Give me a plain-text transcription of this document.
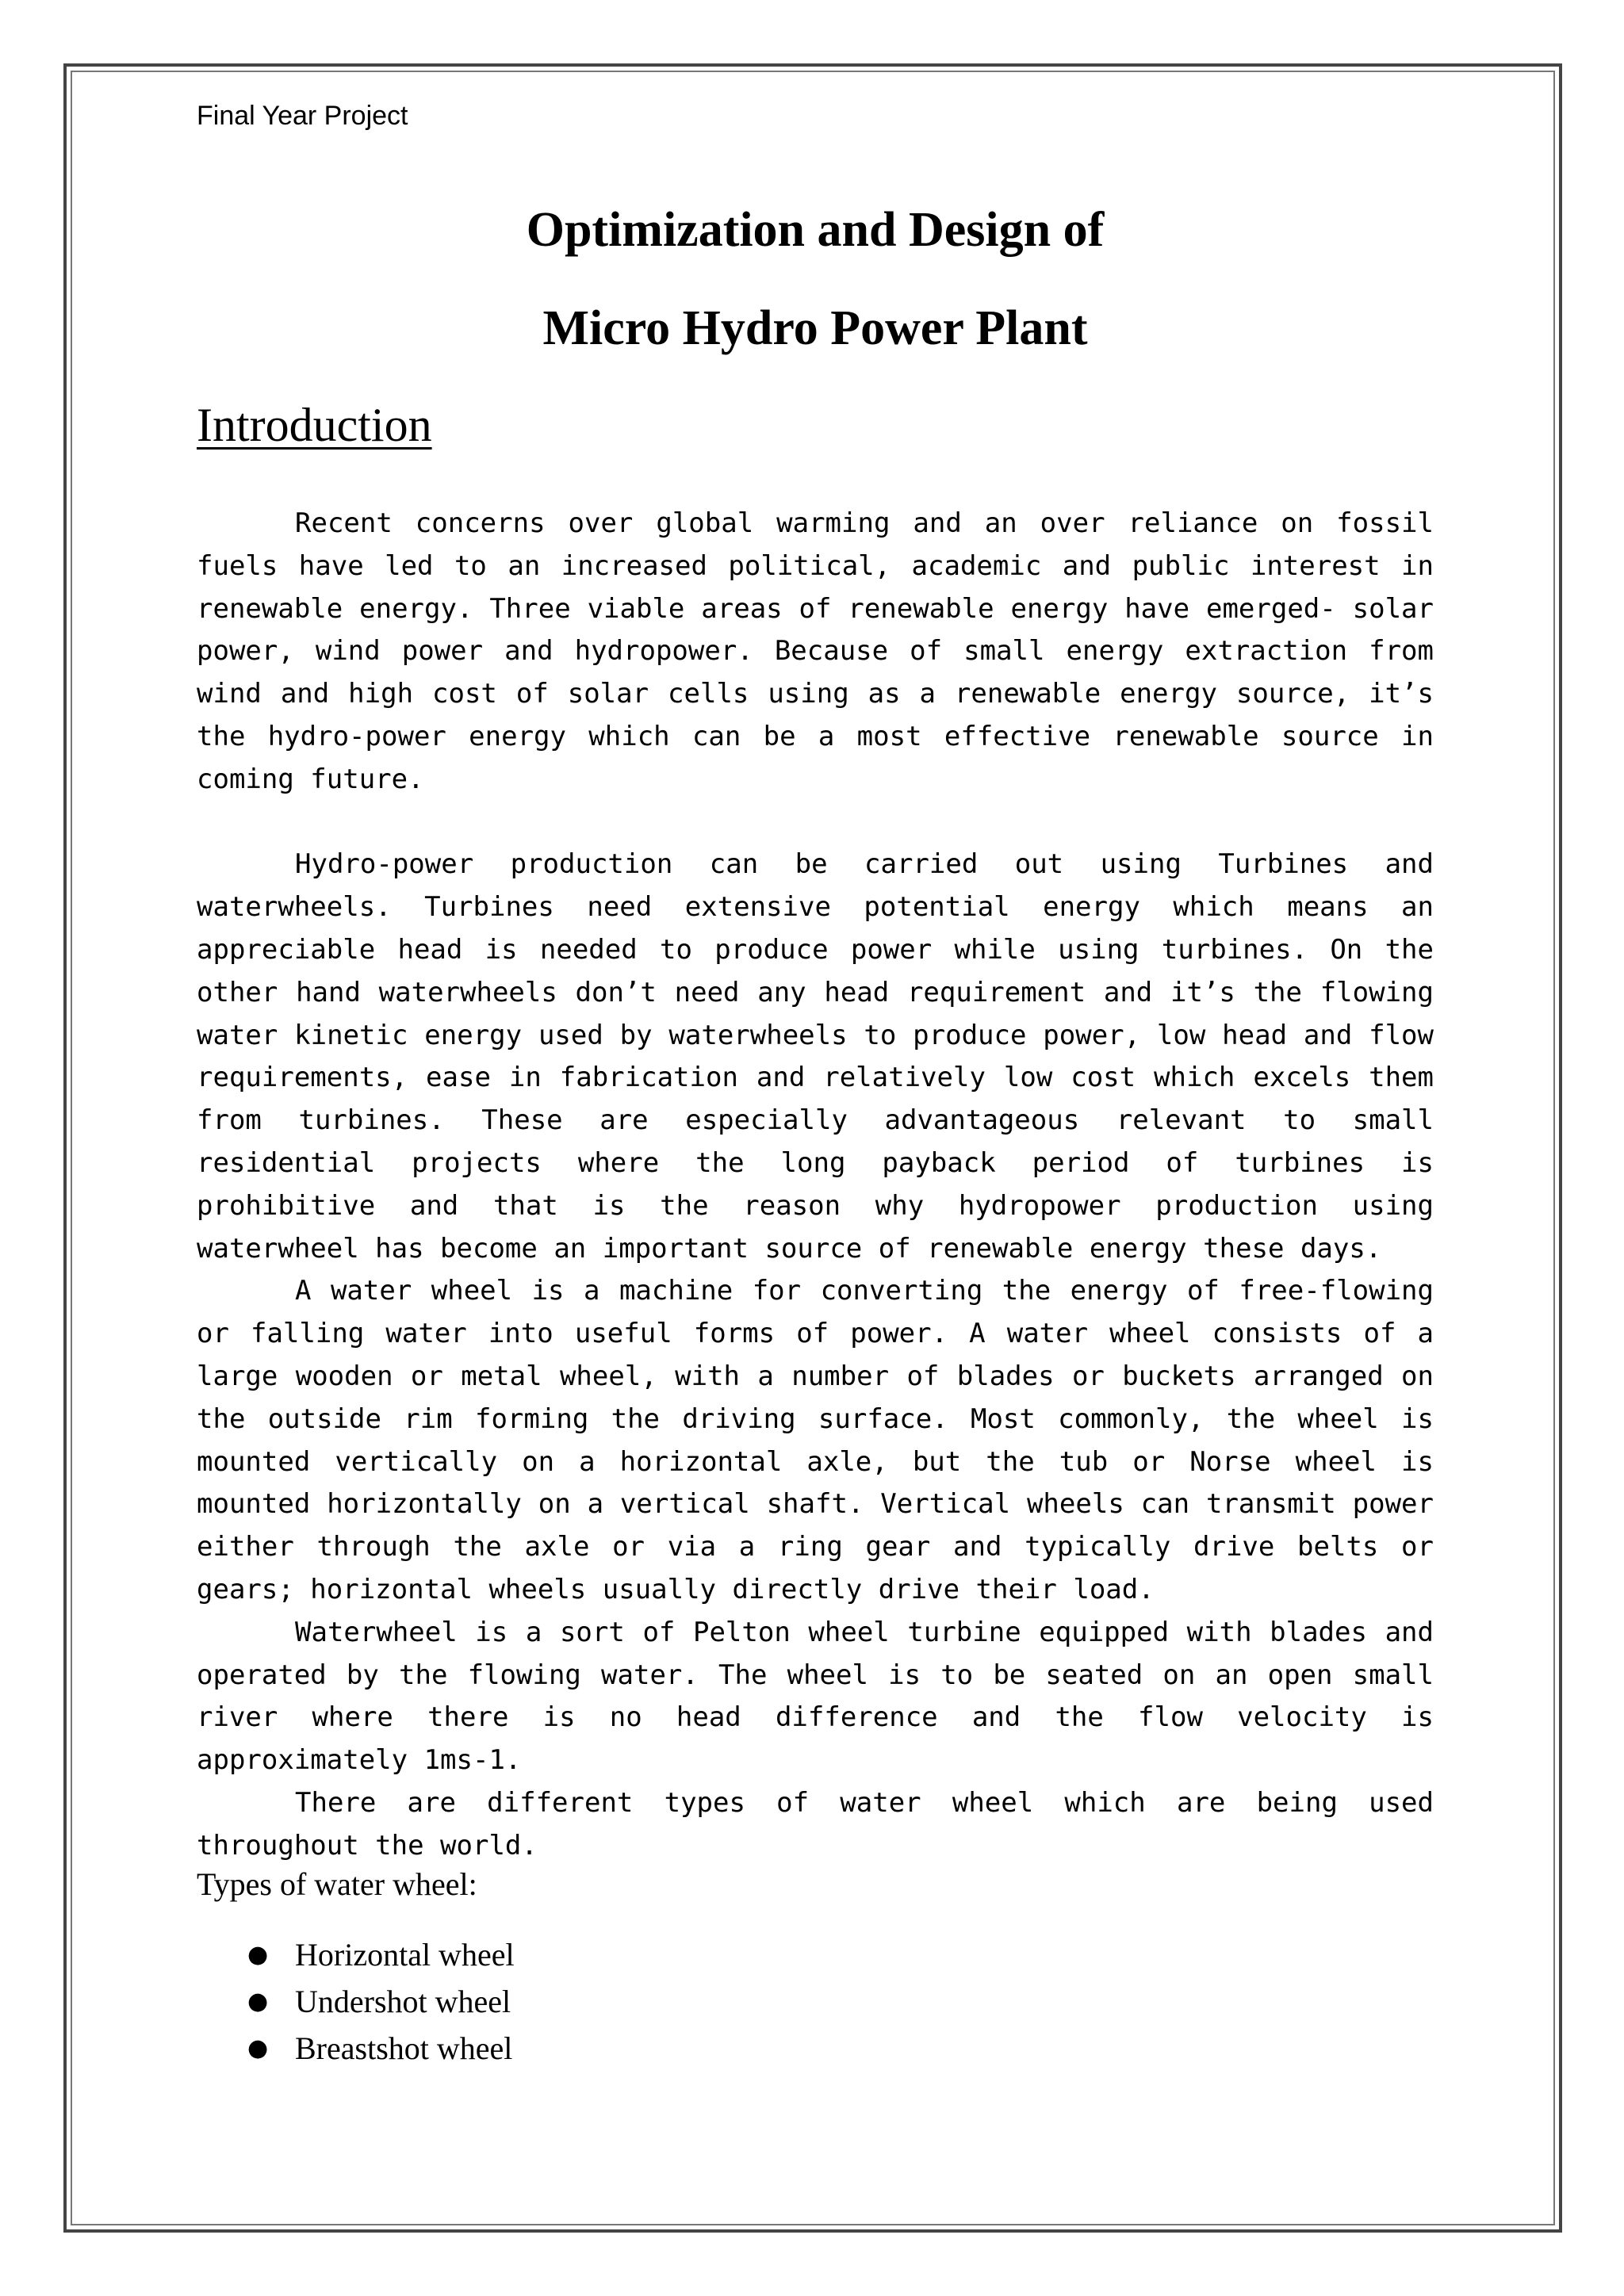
Final Year Project
Optimization and Design of
Micro Hydro Power Plant
Introduction

Recent concerns over global warming and an over reliance on fossil fuels have led to an increased political, academic and public interest in renewable energy. Three viable areas of renewable energy have emerged- solar power, wind power and hydropower. Because of small energy extraction from wind and high cost of solar cells using as a renewable energy source, it’s the hydro-power energy which can be a most effective renewable source in coming future.

Hydro-power production can be carried out using Turbines and waterwheels. Turbines need extensive potential energy which means an appreciable head is needed to produce power while using turbines. On the other hand waterwheels don’t need any head requirement and it’s the flowing water kinetic energy used by waterwheels to produce power, low head and flow requirements, ease in fabrication and relatively low cost which excels them from turbines. These are especially advantageous relevant to small residential projects where the long payback period of turbines is prohibitive and that is the reason why hydropower production using waterwheel has become an important source of renewable energy these days.

A water wheel is a machine for converting the energy of free-flowing or falling water into useful forms of power. A water wheel consists of a large wooden or metal wheel, with a number of blades or buckets arranged on the outside rim forming the driving surface. Most commonly, the wheel is mounted vertically on a horizontal axle, but the tub or Norse wheel is mounted horizontally on a vertical shaft. Vertical wheels can transmit power either through the axle or via a ring gear and typically drive belts or gears; horizontal wheels usually directly drive their load.

Waterwheel is a sort of Pelton wheel turbine equipped with blades and operated by the flowing water. The wheel is to be seated on an open small river where there is no head difference and the flow velocity is approximately 1ms-1.

There are different types of water wheel which are being used throughout the world.

Types of water wheel:

● Horizontal wheel
● Undershot wheel
● Breastshot wheel
